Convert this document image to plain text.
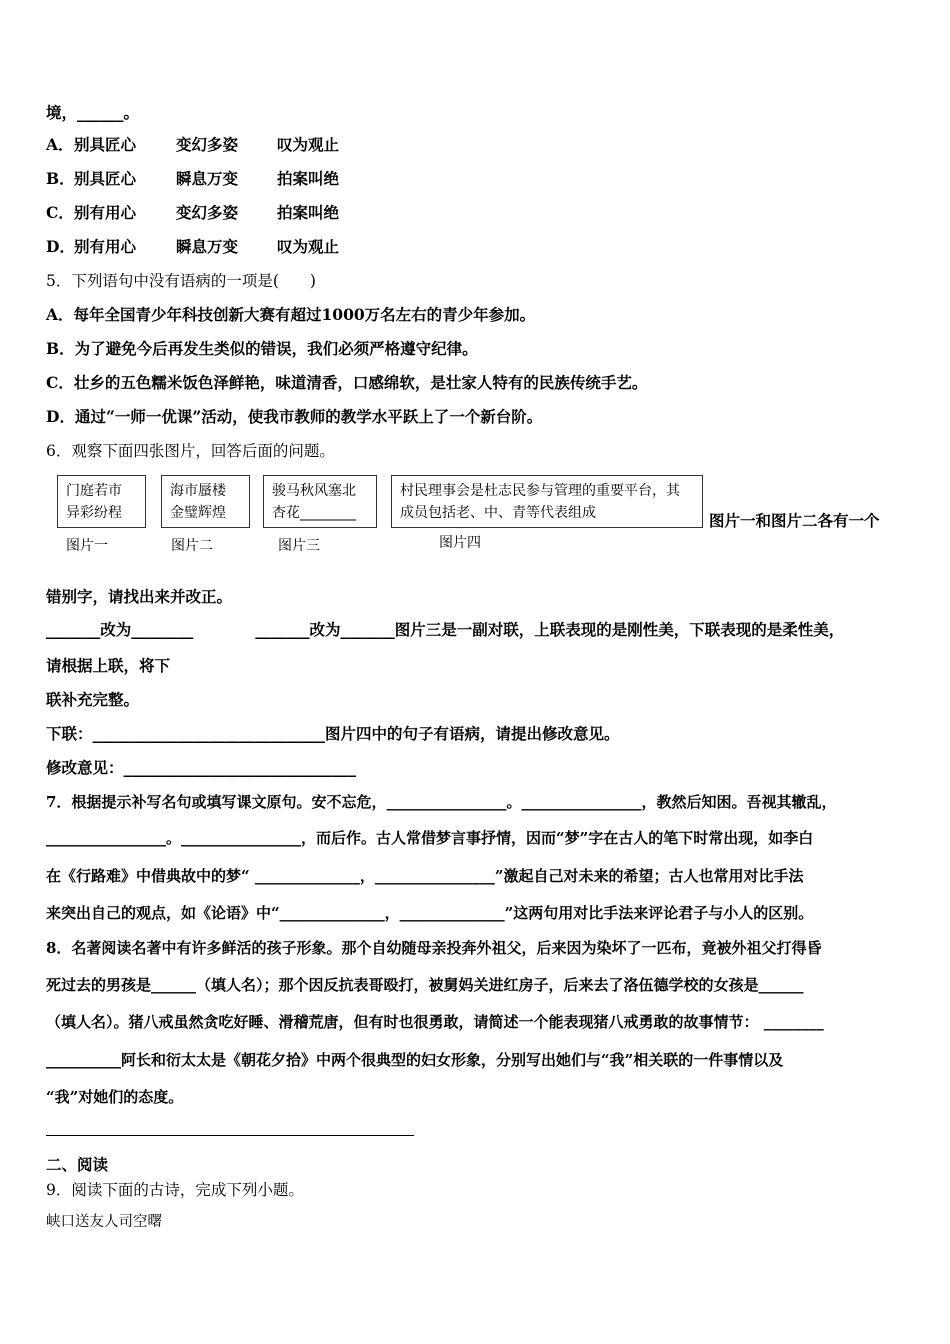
境，______。
A．别具匠心	变幻多姿	叹为观止
B．别具匠心	瞬息万变	拍案叫绝
C．别有用心	变幻多姿	拍案叫绝
D．别有用心	瞬息万变	叹为观止
5．下列语句中没有语病的一项是(　　)
A．每年全国青少年科技创新大赛有超过1000万名左右的青少年参加。
B．为了避免今后再发生类似的错误，我们必须严格遵守纪律。
C．壮乡的五色糯米饭色泽鲜艳，味道清香，口感绵软，是壮家人特有的民族传统手艺。
D．通过“一师一优课”活动，使我市教师的教学水平跃上了一个新台阶。
6．观察下面四张图片，回答后面的问题。
门庭若市
异彩纷程
海市蜃楼
金璧辉煌
骏马秋风塞北
杏花________
村民理事会是杜志民参与管理的重要平台，其
成员包括老、中、青等代表组成
图片一	图片二	图片三	图片四
图片一和图片二各有一个
错别字，请找出来并改正。
_______改为________　　　　_______改为_______图片三是一副对联，上联表现的是刚性美，下联表现的是柔性美，
请根据上联，将下
联补充完整。
下联：______________________________图片四中的句子有语病，请提出修改意见。
修改意见：______________________________
7．根据提示补写名句或填写课文原句。安不忘危，________________。________________，教然后知困。吾视其辙乱，
________________。________________，而后作。古人常借梦言事抒情，因而“梦”字在古人的笔下时常出现，如李白
在《行路难》中借典故中的梦“ ______________，________________”激起自己对未来的希望；古人也常用对比手法
来突出自己的观点，如《论语》中“______________，______________”这两句用对比手法来评论君子与小人的区别。
8．名著阅读名著中有许多鲜活的孩子形象。那个自幼随母亲投奔外祖父，后来因为染坏了一匹布，竟被外祖父打得昏
死过去的男孩是______（填人名）；那个因反抗表哥殴打，被舅妈关进红房子，后来去了洛伍德学校的女孩是______
（填人名）。猪八戒虽然贪吃好睡、滑稽荒唐，但有时也很勇敢，请简述一个能表现猪八戒勇敢的故事情节： ________
__________阿长和衍太太是《朝花夕拾》中两个很典型的妇女形象，分别写出她们与“我”相关联的一件事情以及
“我”对她们的态度。
二、阅读
9．阅读下面的古诗，完成下列小题。
峡口送友人司空曙
